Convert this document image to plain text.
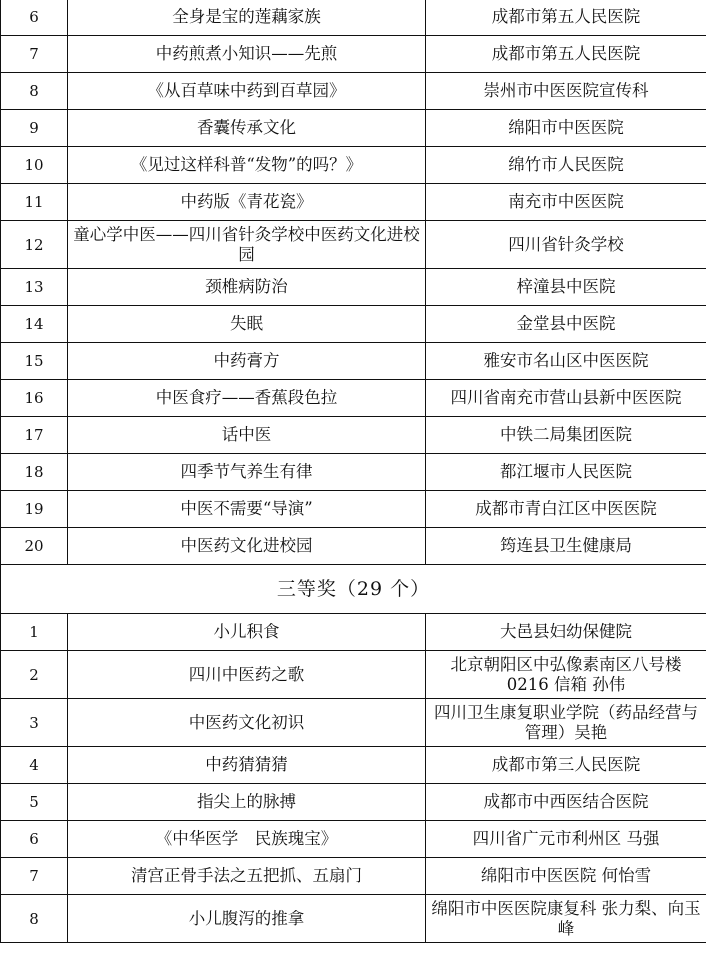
6	全身是宝的莲藕家族	成都市第五人民医院
7	中药煎煮小知识——先煎	成都市第五人民医院
8	《从百草味中药到百草园》	崇州市中医医院宣传科
9	香囊传承文化	绵阳市中医医院
10	《见过这样科普“发物”的吗？》	绵竹市人民医院
11	中药版《青花瓷》	南充市中医医院
12	童心学中医——四川省针灸学校中医药文化进校园	四川省针灸学校
13	颈椎病防治	梓潼县中医院
14	失眠	金堂县中医院
15	中药膏方	雅安市名山区中医医院
16	中医食疗——香蕉段色拉	四川省南充市营山县新中医医院
17	话中医	中铁二局集团医院
18	四季节气养生有律	都江堰市人民医院
19	中医不需要“导演”	成都市青白江区中医医院
20	中医药文化进校园	筠连县卫生健康局
三等奖（29 个）		
1	小儿积食	大邑县妇幼保健院
2	四川中医药之歌	北京朝阳区中弘像素南区八号楼 0216 信箱 孙伟
3	中医药文化初识	四川卫生康复职业学院（药品经营与管理）吴艳
4	中药猜猜猜	成都市第三人民医院
5	指尖上的脉搏	成都市中西医结合医院
6	《中华医学　民族瑰宝》	四川省广元市利州区 马强
7	清宫正骨手法之五把抓、五扇门	绵阳市中医医院 何怡雪
8	小儿腹泻的推拿	绵阳市中医医院康复科 张力梨、向玉峰
